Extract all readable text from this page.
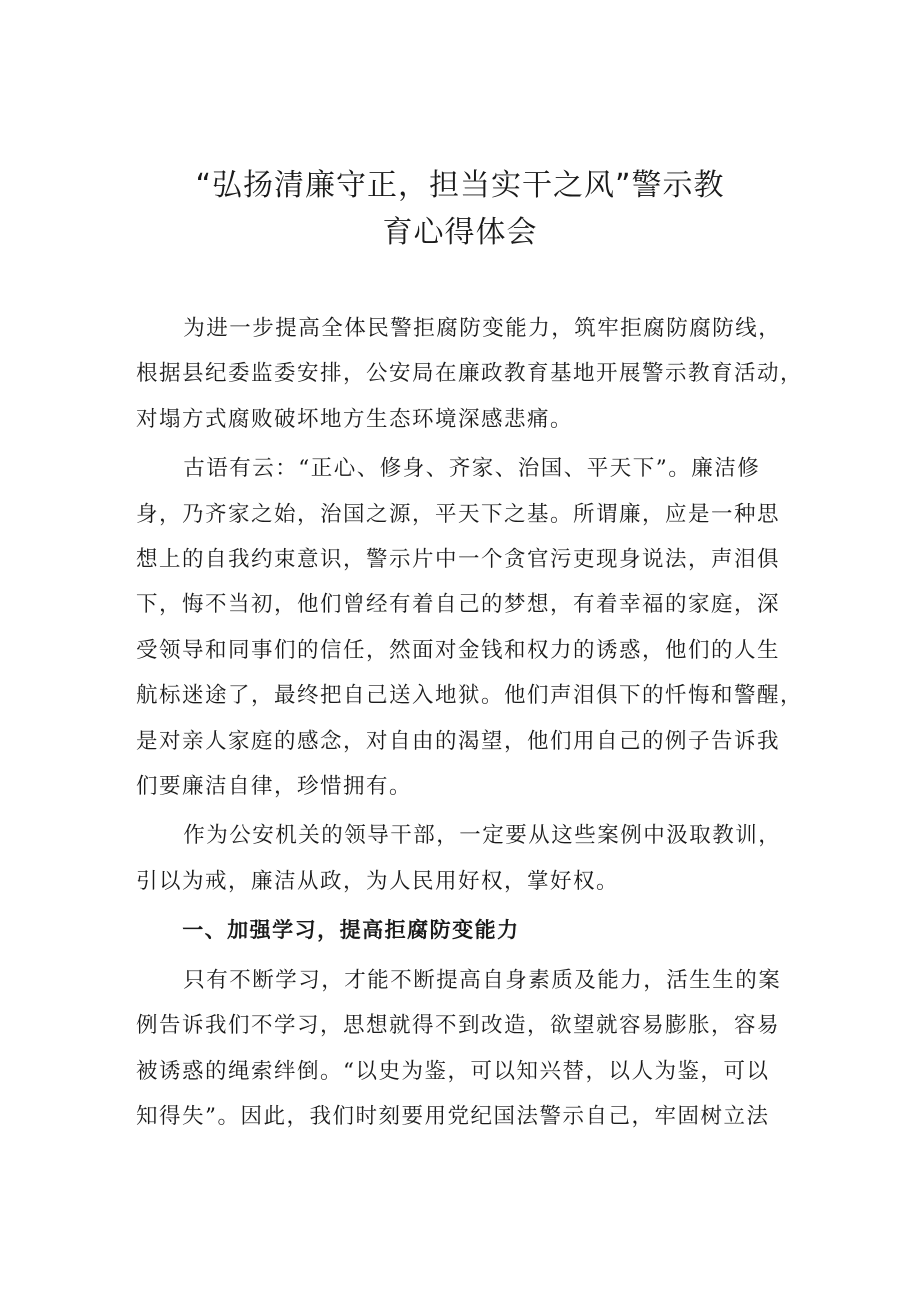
“弘扬清廉守正，担当实干之风”警示教
育心得体会

为进一步提高全体民警拒腐防变能力，筑牢拒腐防腐防线，
根据县纪委监委安排，公安局在廉政教育基地开展警示教育活动，
对塌方式腐败破坏地方生态环境深感悲痛。

古语有云：“正心、修身、齐家、治国、平天下”。廉洁修
身，乃齐家之始，治国之源，平天下之基。所谓廉，应是一种思
想上的自我约束意识，警示片中一个贪官污吏现身说法，声泪俱
下，悔不当初，他们曾经有着自己的梦想，有着幸福的家庭，深
受领导和同事们的信任，然面对金钱和权力的诱惑，他们的人生
航标迷途了，最终把自己送入地狱。他们声泪俱下的忏悔和警醒，
是对亲人家庭的感念，对自由的渴望，他们用自己的例子告诉我
们要廉洁自律，珍惜拥有。

作为公安机关的领导干部，一定要从这些案例中汲取教训，
引以为戒，廉洁从政，为人民用好权，掌好权。

一、加强学习，提高拒腐防变能力

只有不断学习，才能不断提高自身素质及能力，活生生的案
例告诉我们不学习，思想就得不到改造，欲望就容易膨胀，容易
被诱惑的绳索绊倒。“以史为鉴，可以知兴替，以人为鉴，可以
知得失”。因此，我们时刻要用党纪国法警示自己，牢固树立法
